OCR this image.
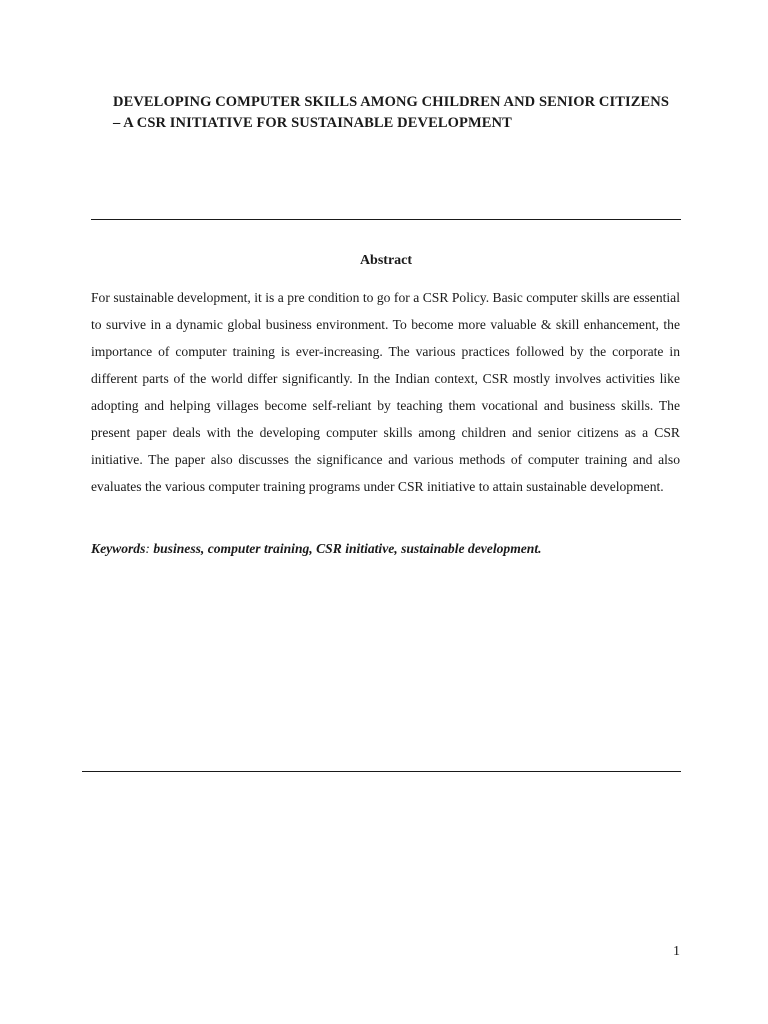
DEVELOPING COMPUTER SKILLS AMONG CHILDREN AND SENIOR CITIZENS – A CSR INITIATIVE FOR SUSTAINABLE DEVELOPMENT
Abstract

For sustainable development, it is a pre condition to go for a CSR Policy. Basic computer skills are essential to survive in a dynamic global business environment. To become more valuable & skill enhancement, the importance of computer training is ever-increasing. The various practices followed by the corporate in different parts of the world differ significantly. In the Indian context, CSR mostly involves activities like adopting and helping villages become self-reliant by teaching them vocational and business skills. The present paper deals with the developing computer skills among children and senior citizens as a CSR initiative. The paper also discusses the significance and various methods of computer training and also evaluates the various computer training programs under CSR initiative to attain sustainable development.

Keywords: business, computer training, CSR initiative, sustainable development.

1
